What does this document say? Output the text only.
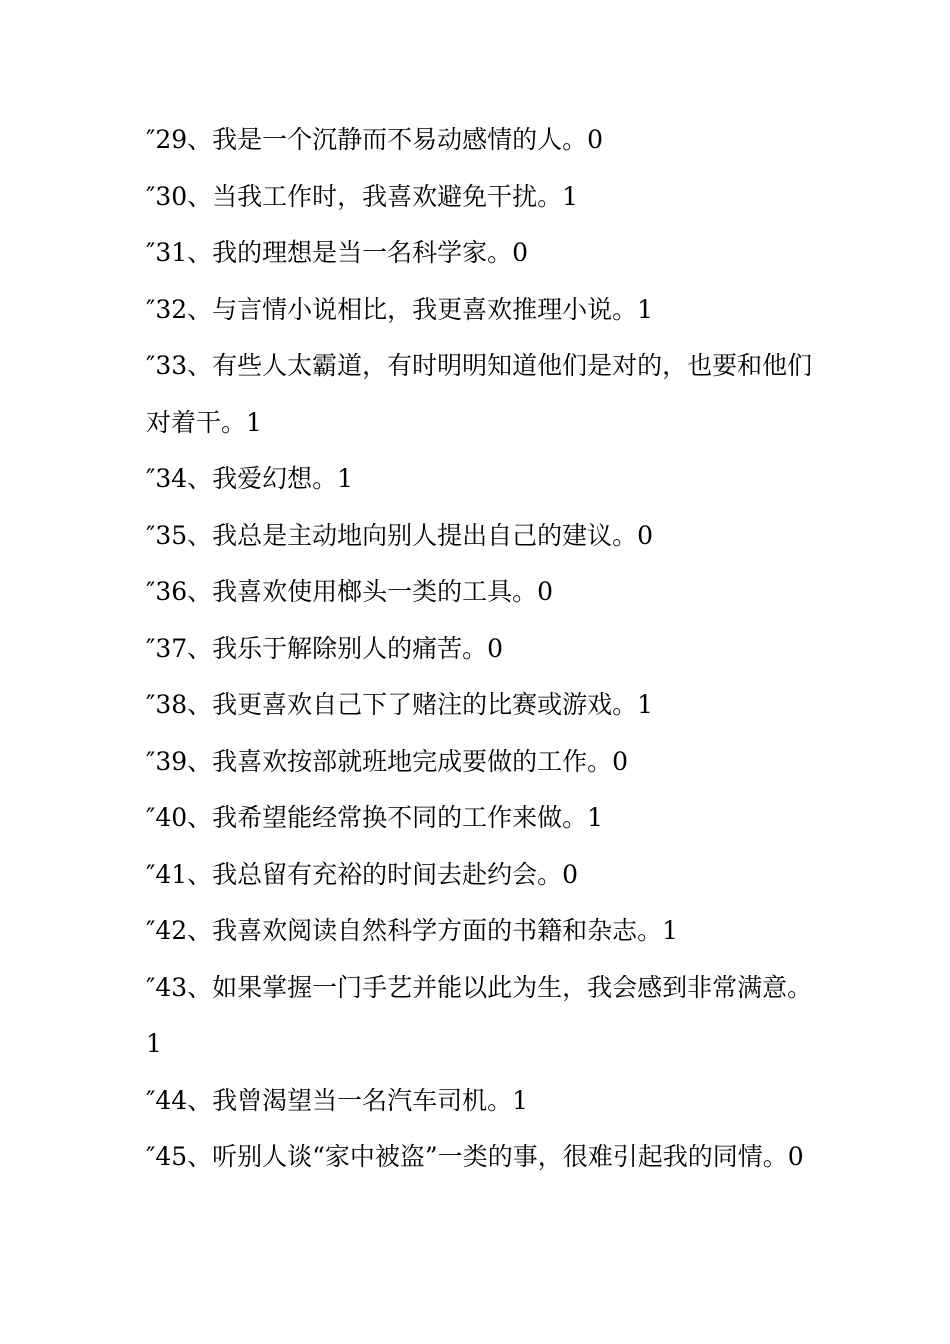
″29、我是一个沉静而不易动感情的人。0

″30、当我工作时，我喜欢避免干扰。1

″31、我的理想是当一名科学家。0

″32、与言情小说相比，我更喜欢推理小说。1

″33、有些人太霸道，有时明明知道他们是对的，也要和他们对着干。1

″34、我爱幻想。1

″35、我总是主动地向别人提出自己的建议。0

″36、我喜欢使用榔头一类的工具。0

″37、我乐于解除别人的痛苦。0

″38、我更喜欢自己下了赌注的比赛或游戏。1

″39、我喜欢按部就班地完成要做的工作。0

″40、我希望能经常换不同的工作来做。1

″41、我总留有充裕的时间去赴约会。0

″42、我喜欢阅读自然科学方面的书籍和杂志。1

″43、如果掌握一门手艺并能以此为生，我会感到非常满意。1

″44、我曾渴望当一名汽车司机。1

″45、听别人谈“家中被盗”一类的事，很难引起我的同情。0
